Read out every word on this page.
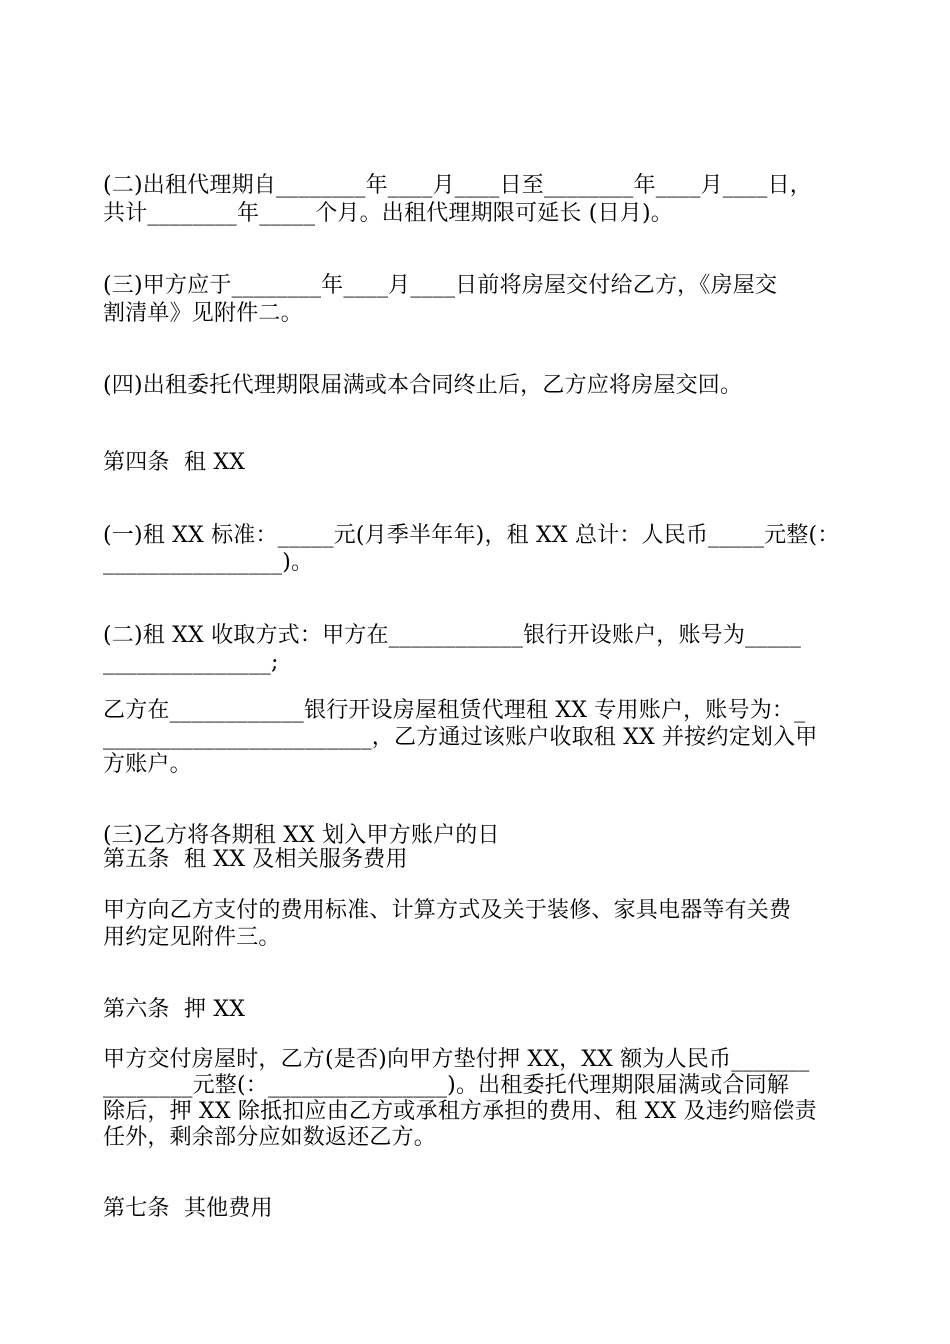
(二)出租代理期自________年____月____日至________年____月____日，

共计________年_____个月。出租代理期限可延长 (日月)。

(三)甲方应于________年____月____日前将房屋交付给乙方，《房屋交

割清单》见附件二。

(四)出租委托代理期限届满或本合同终止后，乙方应将房屋交回。

第四条  租 XX

(一)租 XX 标准：_____元(月季半年年)，租 XX 总计：人民币_____元整(：

________________)。

(二)租 XX 收取方式：甲方在____________银行开设账户，账号为_____

_______________;

乙方在____________银行开设房屋租赁代理租 XX 专用账户，账号为：_

________________________，乙方通过该账户收取租 XX 并按约定划入甲

方账户。

(三)乙方将各期租 XX 划入甲方账户的日

第五条  租 XX 及相关服务费用

甲方向乙方支付的费用标准、计算方式及关于装修、家具电器等有关费

用约定见附件三。

第六条  押 XX

甲方交付房屋时，乙方(是否)向甲方垫付押 XX，XX 额为人民币_______

________元整(：________________)。出租委托代理期限届满或合同解

除后，押 XX 除抵扣应由乙方或承租方承担的费用、租 XX 及违约赔偿责

任外，剩余部分应如数返还乙方。

第七条  其他费用
